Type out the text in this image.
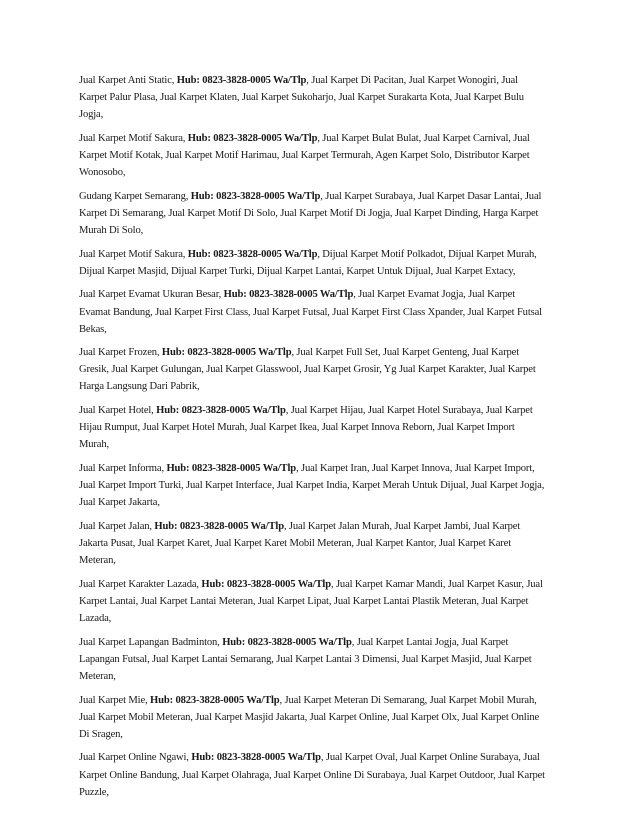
Jual Karpet Anti Static, Hub: 0823-3828-0005 Wa/Tlp, Jual Karpet Di Pacitan, Jual Karpet Wonogiri, Jual Karpet Palur Plasa, Jual Karpet Klaten, Jual Karpet Sukoharjo, Jual Karpet Surakarta Kota, Jual Karpet Bulu Jogja,

Jual Karpet Motif Sakura, Hub: 0823-3828-0005 Wa/Tlp, Jual Karpet Bulat Bulat, Jual Karpet Carnival, Jual Karpet Motif Kotak, Jual Karpet Motif Harimau, Jual Karpet Termurah, Agen Karpet Solo, Distributor Karpet Wonosobo,

Gudang Karpet Semarang, Hub: 0823-3828-0005 Wa/Tlp, Jual Karpet Surabaya, Jual Karpet Dasar Lantai, Jual Karpet Di Semarang, Jual Karpet Motif Di Solo, Jual Karpet Motif Di Jogja, Jual Karpet Dinding, Harga Karpet Murah Di Solo,

Jual Karpet Motif Sakura, Hub: 0823-3828-0005 Wa/Tlp, Dijual Karpet Motif Polkadot, Dijual Karpet Murah, Dijual Karpet Masjid, Dijual Karpet Turki, Dijual Karpet Lantai, Karpet Untuk Dijual, Jual Karpet Extacy,

Jual Karpet Evamat Ukuran Besar, Hub: 0823-3828-0005 Wa/Tlp, Jual Karpet Evamat Jogja, Jual Karpet Evamat Bandung, Jual Karpet First Class, Jual Karpet Futsal, Jual Karpet First Class Xpander, Jual Karpet Futsal Bekas,

Jual Karpet Frozen, Hub: 0823-3828-0005 Wa/Tlp, Jual Karpet Full Set, Jual Karpet Genteng, Jual Karpet Gresik, Jual Karpet Gulungan, Jual Karpet Glasswool, Jual Karpet Grosir, Yg Jual Karpet Karakter, Jual Karpet Harga Langsung Dari Pabrik,

Jual Karpet Hotel, Hub: 0823-3828-0005 Wa/Tlp, Jual Karpet Hijau, Jual Karpet Hotel Surabaya, Jual Karpet Hijau Rumput, Jual Karpet Hotel Murah, Jual Karpet Ikea, Jual Karpet Innova Reborn, Jual Karpet Import Murah,

Jual Karpet Informa, Hub: 0823-3828-0005 Wa/Tlp, Jual Karpet Iran, Jual Karpet Innova, Jual Karpet Import, Jual Karpet Import Turki, Jual Karpet Interface, Jual Karpet India, Karpet Merah Untuk Dijual, Jual Karpet Jogja, Jual Karpet Jakarta,

Jual Karpet Jalan, Hub: 0823-3828-0005 Wa/Tlp, Jual Karpet Jalan Murah, Jual Karpet Jambi, Jual Karpet Jakarta Pusat, Jual Karpet Karet, Jual Karpet Karet Mobil Meteran, Jual Karpet Kantor, Jual Karpet Karet Meteran,

Jual Karpet Karakter Lazada, Hub: 0823-3828-0005 Wa/Tlp, Jual Karpet Kamar Mandi, Jual Karpet Kasur, Jual Karpet Lantai, Jual Karpet Lantai Meteran, Jual Karpet Lipat, Jual Karpet Lantai Plastik Meteran, Jual Karpet Lazada,

Jual Karpet Lapangan Badminton, Hub: 0823-3828-0005 Wa/Tlp, Jual Karpet Lantai Jogja, Jual Karpet Lapangan Futsal, Jual Karpet Lantai Semarang, Jual Karpet Lantai 3 Dimensi, Jual Karpet Masjid, Jual Karpet Meteran,

Jual Karpet Mie, Hub: 0823-3828-0005 Wa/Tlp, Jual Karpet Meteran Di Semarang, Jual Karpet Mobil Murah, Jual Karpet Mobil Meteran, Jual Karpet Masjid Jakarta, Jual Karpet Online, Jual Karpet Olx, Jual Karpet Online Di Sragen,

Jual Karpet Online Ngawi, Hub: 0823-3828-0005 Wa/Tlp, Jual Karpet Oval, Jual Karpet Online Surabaya, Jual Karpet Online Bandung, Jual Karpet Olahraga, Jual Karpet Online Di Surabaya, Jual Karpet Outdoor, Jual Karpet Puzzle,
